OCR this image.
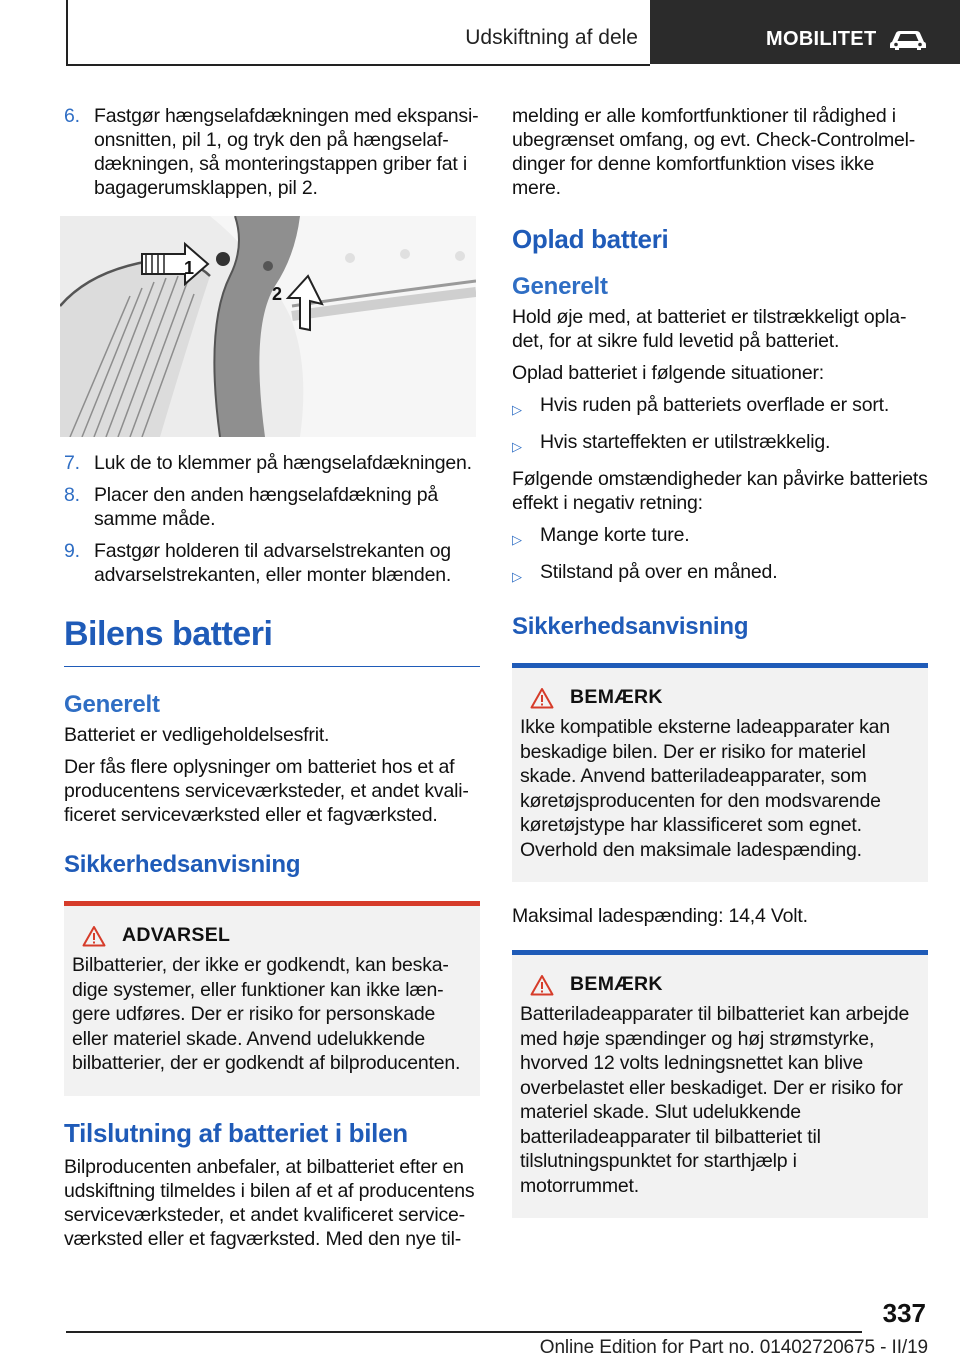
Udskiftning af dele	MOBILITET
6. Fastgør hængselafdækningen med ekspansionsnitten, pil 1, og tryk den på hængselafdækningen, så monteringstappen griber fat i bagagerumsklappen, pil 2.
1
2
7. Luk de to klemmer på hængselafdækningen.
8. Placer den anden hængselafdækning på samme måde.
9. Fastgør holderen til advarselstrekanten og advarselstrekanten, eller monter blænden.
Bilens batteri
Generelt

Batteriet er vedligeholdelsesfrit.

Der fås flere oplysninger om batteriet hos et af producentens serviceværksteder, et andet kvalificeret serviceværksted eller et fagværksted.

Sikkerhedsanvisning
ADVARSEL
Bilbatterier, der ikke er godkendt, kan beskadige systemer, eller funktioner kan ikke længere udføres. Der er risiko for personskade eller materiel skade. Anvend udelukkende bilbatterier, der er godkendt af bilproducenten.
Tilslutning af batteriet i bilen

Bilproducenten anbefaler, at bilbatteriet efter en udskiftning tilmeldes i bilen af et af producentens serviceværksteder, et andet kvalificeret serviceværksted eller et fagværksted. Med den nye til-

melding er alle komfortfunktioner til rådighed i ubegrænset omfang, og evt. Check-Controlmeldinger for denne komfortfunktion vises ikke mere.

Oplad batteri
Generelt

Hold øje med, at batteriet er tilstrækkeligt opladet, for at sikre fuld levetid på batteriet.

Oplad batteriet i følgende situationer:

▷ Hvis ruden på batteriets overflade er sort.
▷ Hvis starteffekten er utilstrækkelig.

Følgende omstændigheder kan påvirke batteriets effekt i negativ retning:

▷ Mange korte ture.
▷ Stilstand på over en måned.
Sikkerhedsanvisning
BEMÆRK
Ikke kompatible eksterne ladeapparater kan beskadige bilen. Der er risiko for materiel skade. Anvend batteriladeapparater, som køretøjsproducenten for den modsvarende køretøjstype har klassificeret som egnet. Overhold den maksimale ladespænding.

Maksimal ladespænding: 14,4 Volt.

BEMÆRK
Batteriladeapparater til bilbatteriet kan arbejde med høje spændinger og høj strømstyrke, hvorved 12 volts ledningsnettet kan blive overbelastet eller beskadiget. Der er risiko for materiel skade. Slut udelukkende batteriladeapparater til bilbatteriet til tilslutningspunktet for starthjælp i motorrummet.
337
Online Edition for Part no. 01402720675 - II/19
